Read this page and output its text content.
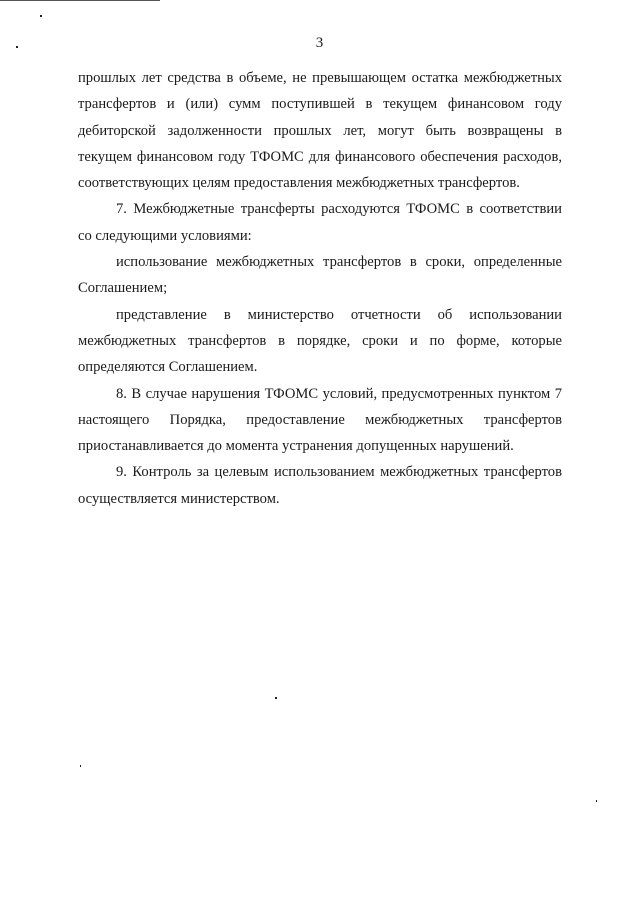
3

прошлых лет средства в объеме, не превышающем остатка межбюджетных трансфертов и (или) сумм поступившей в текущем финансовом году дебиторской задолженности прошлых лет, могут быть возвращены в текущем финансовом году ТФОМС для финансового обеспечения расходов, соответствующих целям предоставления межбюджетных трансфертов.

7. Межбюджетные трансферты расходуются ТФОМС в соответствии со следующими условиями:

использование межбюджетных трансфертов в сроки, определенные Соглашением;

представление в министерство отчетности об использовании межбюджетных трансфертов в порядке, сроки и по форме, которые определяются Соглашением.

8. В случае нарушения ТФОМС условий, предусмотренных пунктом 7 настоящего Порядка, предоставление межбюджетных трансфертов приостанавливается до момента устранения допущенных нарушений.

9. Контроль за целевым использованием межбюджетных трансфертов осуществляется министерством.
